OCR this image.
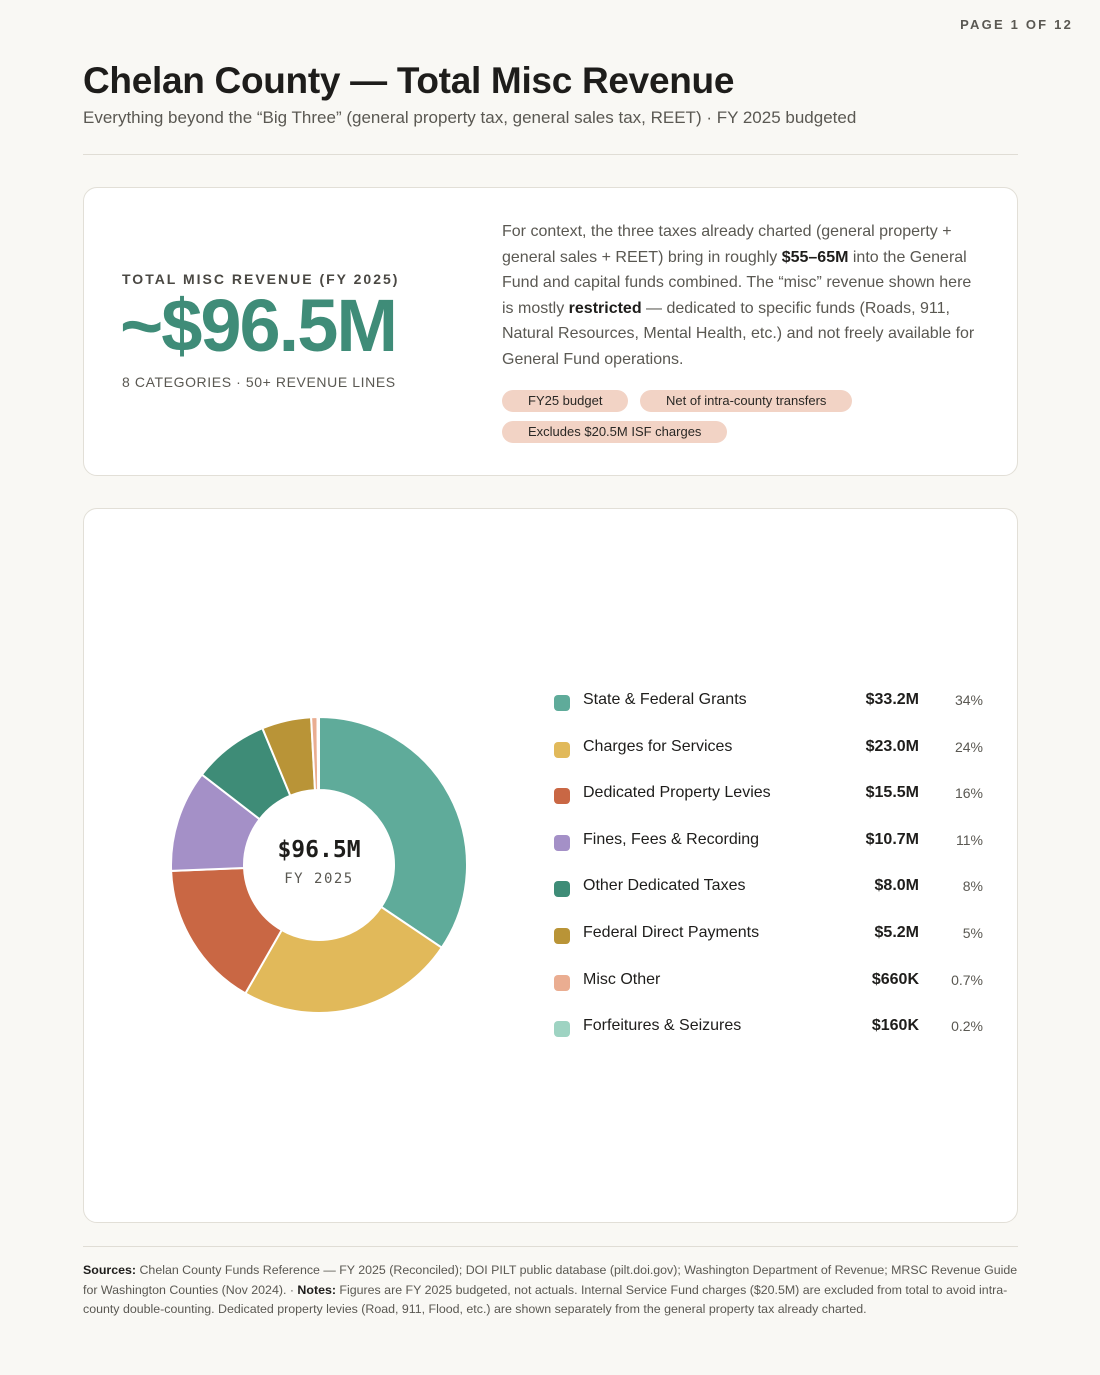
PAGE 1 OF 12
Chelan County — Total Misc Revenue
Everything beyond the “Big Three” (general property tax, general sales tax, REET) · FY 2025 budgeted
TOTAL MISC REVENUE (FY 2025)
~$96.5M
8 CATEGORIES · 50+ REVENUE LINES

For context, the three taxes already charted (general property + general sales + REET) bring in roughly $55–65M into the General Fund and capital funds combined. The “misc” revenue shown here is mostly restricted — dedicated to specific funds (Roads, 911, Natural Resources, Mental Health, etc.) and not freely available for General Fund operations.

FY25 budget	Net of intra-county transfers
Excludes $20.5M ISF charges
$96.5M
FY 2025
State & Federal Grants	$33.2M	34%
Charges for Services	$23.0M	24%
Dedicated Property Levies	$15.5M	16%
Fines, Fees & Recording	$10.7M	11%
Other Dedicated Taxes	$8.0M	8%
Federal Direct Payments	$5.2M	5%
Misc Other	$660K 0.7%
Forfeitures & Seizures	$160K 0.2%

Sources: Chelan County Funds Reference — FY 2025 (Reconciled); DOI PILT public database (pilt.doi.gov); Washington Department of Revenue; MRSC Revenue Guide for Washington Counties (Nov 2024). · Notes: Figures are FY 2025 budgeted, not actuals. Internal Service Fund charges ($20.5M) are excluded from total to avoid intra-county double-counting. Dedicated property levies (Road, 911, Flood, etc.) are shown separately from the general property tax already charted.
